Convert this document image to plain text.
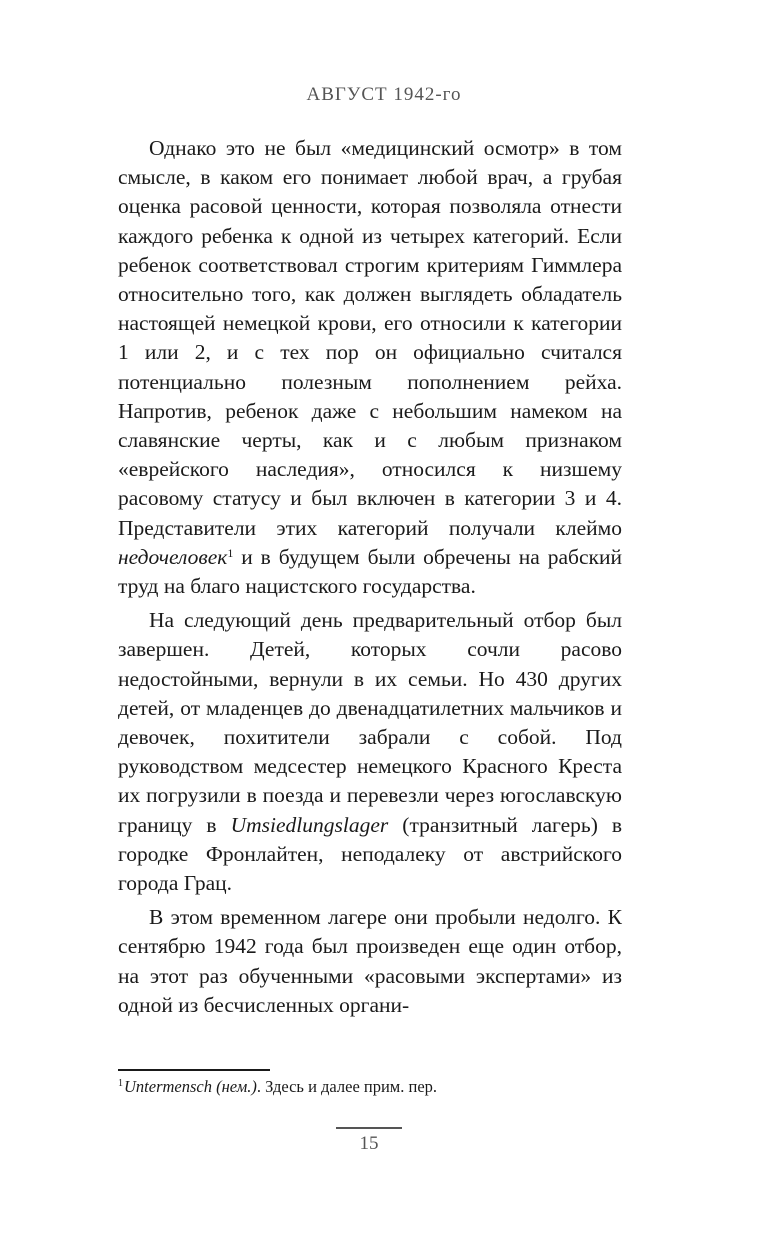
АВГУСТ 1942-го

Однако это не был «медицинский осмотр» в том смысле, в каком его понимает любой врач, а грубая оценка расовой ценности, которая позволяла отнести каждого ребенка к одной из четырех категорий. Если ребенок соответствовал строгим критериям Гиммлера относительно того, как должен выглядеть обладатель настоящей немецкой крови, его относили к категории 1 или 2, и с тех пор он официально считался потенциально полезным пополнением рейха. Напротив, ребенок даже с небольшим намеком на славянские черты, как и с любым признаком «еврейского наследия», относился к низшему расовому статусу и был включен в категории 3 и 4. Представители этих категорий получали клеймо недочеловек$^1$ и в будущем были обречены на рабский труд на благо нацистского государства.

На следующий день предварительный отбор был завершен. Детей, которых сочли расово недостойными, вернули в их семьи. Но 430 других детей, от младенцев до двенадцатилетних мальчиков и девочек, похитители забрали с собой. Под руководством медсестер немецкого Красного Креста их погрузили в поезда и перевезли через югославскую границу в Umsiedlungslager (транзитный лагерь) в городке Фронлайтен, неподалеку от австрийского города Грац.

В этом временном лагере они пробыли недолго. К сентябрю 1942 года был произведен еще один отбор, на этот раз обученными «расовыми экспертами» из одной из бесчисленных органи-

$^1$Untermensch (нем.). Здесь и далее прим. пер.
15
